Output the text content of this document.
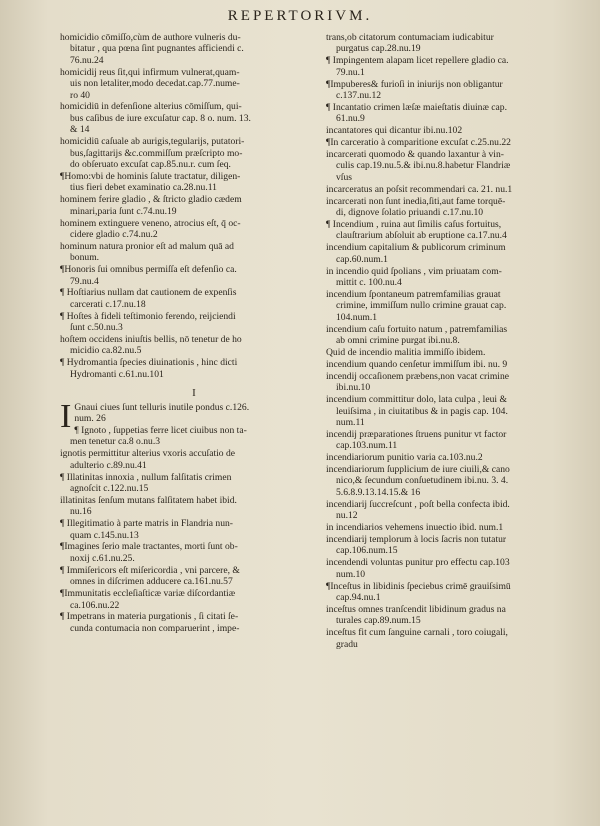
REPERTORIVM.
homicidio cōmiſſo,cùm de authore vulneris du-
bitatur , qua pœna ſint pugnantes afficiendi c.
76.nu.24
homicidij reus ſit,qui infirmum vulnerat,quam-
uis non letaliter,modo decedat.cap.77.nume-
ro 40
homicidiū in defenſione alterius cōmiſſum, qui-
bus caſibus de iure excuſatur cap. 8 o. num. 13.
& 14
homicidiū caſuale ab aurigis,tegularijs, putatori-
bus,ſagittarijs &c.commiſſum præſcripto mo-
do obſeruato excuſat cap.85.nu.r. cum ſeq.
¶Homo:vbi de hominis ſalute tractatur, diligen-
tius fieri debet examinatio ca.28.nu.11
hominem ferire gladio , & ſtricto gladio cædem
minari,paria ſunt c.74.nu.19
hominem extinguere veneno, atrocius eſt, q̄ oc-
cidere gladio c.74.nu.2
hominum natura pronior eſt ad malum quā ad
bonum.
¶Honoris ſui omnibus permiſſa eſt defenſio ca.
79.nu.4
¶ Hoſtiarius nullam dat cautionem de expenſis
carcerati c.17.nu.18
¶ Hoſtes à fideli teſtimonio ferendo, reijciendi
ſunt c.50.nu.3
hoſtem occidens iniuſtis bellis, nō tenetur de ho
micidio ca.82.nu.5
¶ Hydromantia ſpecies diuinationis , hinc dicti
Hydromanti c.61.nu.101
I
I Gnaui ciues ſunt telluris inutile pondus c.126.
num. 26
¶ Ignoto , ſuppetias ferre licet ciuibus non ta-
men tenetur ca.8 o.nu.3
ignotis permittitur alterius vxoris accuſatio de
adulterio c.89.nu.41
¶ Illatinitas innoxia , nullum falſitatis crimen
agnoſcit c.122.nu.15
illatinitas ſenſum mutans falſitatem habet ibid.
nu.16
¶ Illegitimatio à parte matris in Flandria nun-
quam c.145.nu.13
¶Imagines ſerio male tractantes, morti ſunt ob-
noxij c.61.nu.25.
¶ Immiſericors eſt miſericordia , vni parcere, &
omnes in diſcrimen adducere ca.161.nu.57
¶Immunitatis eccleſiaſticæ variæ diſcordantiæ
ca.106.nu.22
¶ Impetrans in materia purgationis , ſi citati ſe-
cunda contumacia non comparuerint , impe-
trans,ob citatorum contumaciam iudicabitur
purgatus cap.28.nu.19
¶ Impingentem alapam licet repellere gladio ca.
79.nu.1
¶Impuberes& furioſi in iniurijs non obligantur
c.137.nu.12
¶ Incantatio crimen læſæ maieſtatis diuinæ cap.
61.nu.9
incantatores qui dicantur ibi.nu.102
¶In carceratio à comparitione excuſat c.25.nu.22
incarcerati quomodo & quando laxantur à vin-
culis cap.19.nu.5.& ibi.nu.8.habetur Flandriæ
vſus
incarceratus an poſsit recommendari ca. 21. nu.1
incarcerati non ſunt inedia,ſiti,aut fame torquē-
di, dignove ſolatio priuandi c.17.nu.10
¶ Incendium , ruina aut ſimilis caſus fortuitus,
clauſtrarium abſoluit ab eruptione ca.17.nu.4
incendium capitalium & publicorum criminum
cap.60.num.1
in incendio quid ſpolians , vim priuatam com-
mittit c. 100.nu.4
incendium ſpontaneum patremfamilias grauat
crimine, immiſſum nullo crimine grauat cap.
104.num.1
incendium caſu fortuito natum , patremfamilias
ab omni crimine purgat ibi.nu.8.
Quid de incendio malitia immiſſo ibidem.
incendium quando cenſetur immiſſum ibi. nu. 9
incendij occaſionem præbens,non vacat crimine
ibi.nu.10
incendium committitur dolo, lata culpa , leui &
leuiſsima , in ciuitatibus & in pagis cap. 104.
num.11
incendij præparationes ſtruens punitur vt factor
cap.103.num.11
incendiariorum punitio varia ca.103.nu.2
incendiariorum ſupplicium de iure ciuili,& cano
nico,& ſecundum conſuetudinem ibi.nu. 3. 4.
5.6.8.9.13.14.15.& 16
incendiarij ſuccreſcunt , poſt bella confecta ibid.
nu.12
in incendiarios vehemens inuectio ibid. num.1
incendiarij templorum à locis ſacris non tutatur
cap.106.num.15
incendendi voluntas punitur pro effectu cap.103
num.10
¶Inceſtus in libidinis ſpeciebus crimē grauiſsimū
cap.94.nu.1
inceſtus omnes tranſcendit libidinum gradus na
turales cap.89.num.15
inceſtus fit cum ſanguine carnali , toro coiugali,
gradu
